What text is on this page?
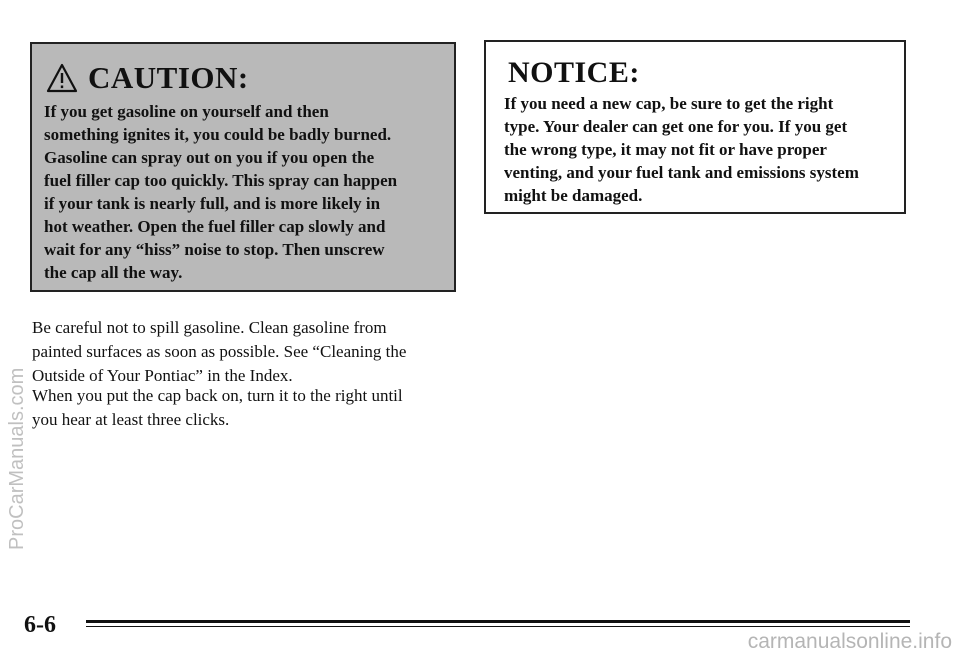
CAUTION:
If you get gasoline on yourself and then
something ignites it, you could be badly burned.
Gasoline can spray out on you if you open the
fuel filler cap too quickly. This spray can happen
if your tank is nearly full, and is more likely in
hot weather. Open the fuel filler cap slowly and
wait for any “hiss” noise to stop. Then unscrew
the cap all the way.
NOTICE:
If you need a new cap, be sure to get the right
type. Your dealer can get one for you. If you get
the wrong type, it may not fit or have proper
venting, and your fuel tank and emissions system
might be damaged.
Be careful not to spill gasoline. Clean gasoline from
painted surfaces as soon as possible. See “Cleaning the
Outside of Your Pontiac” in the Index.
When you put the cap back on, turn it to the right until
you hear at least three clicks.
6-6
ProCarManuals.com
carmanualsonline.info
